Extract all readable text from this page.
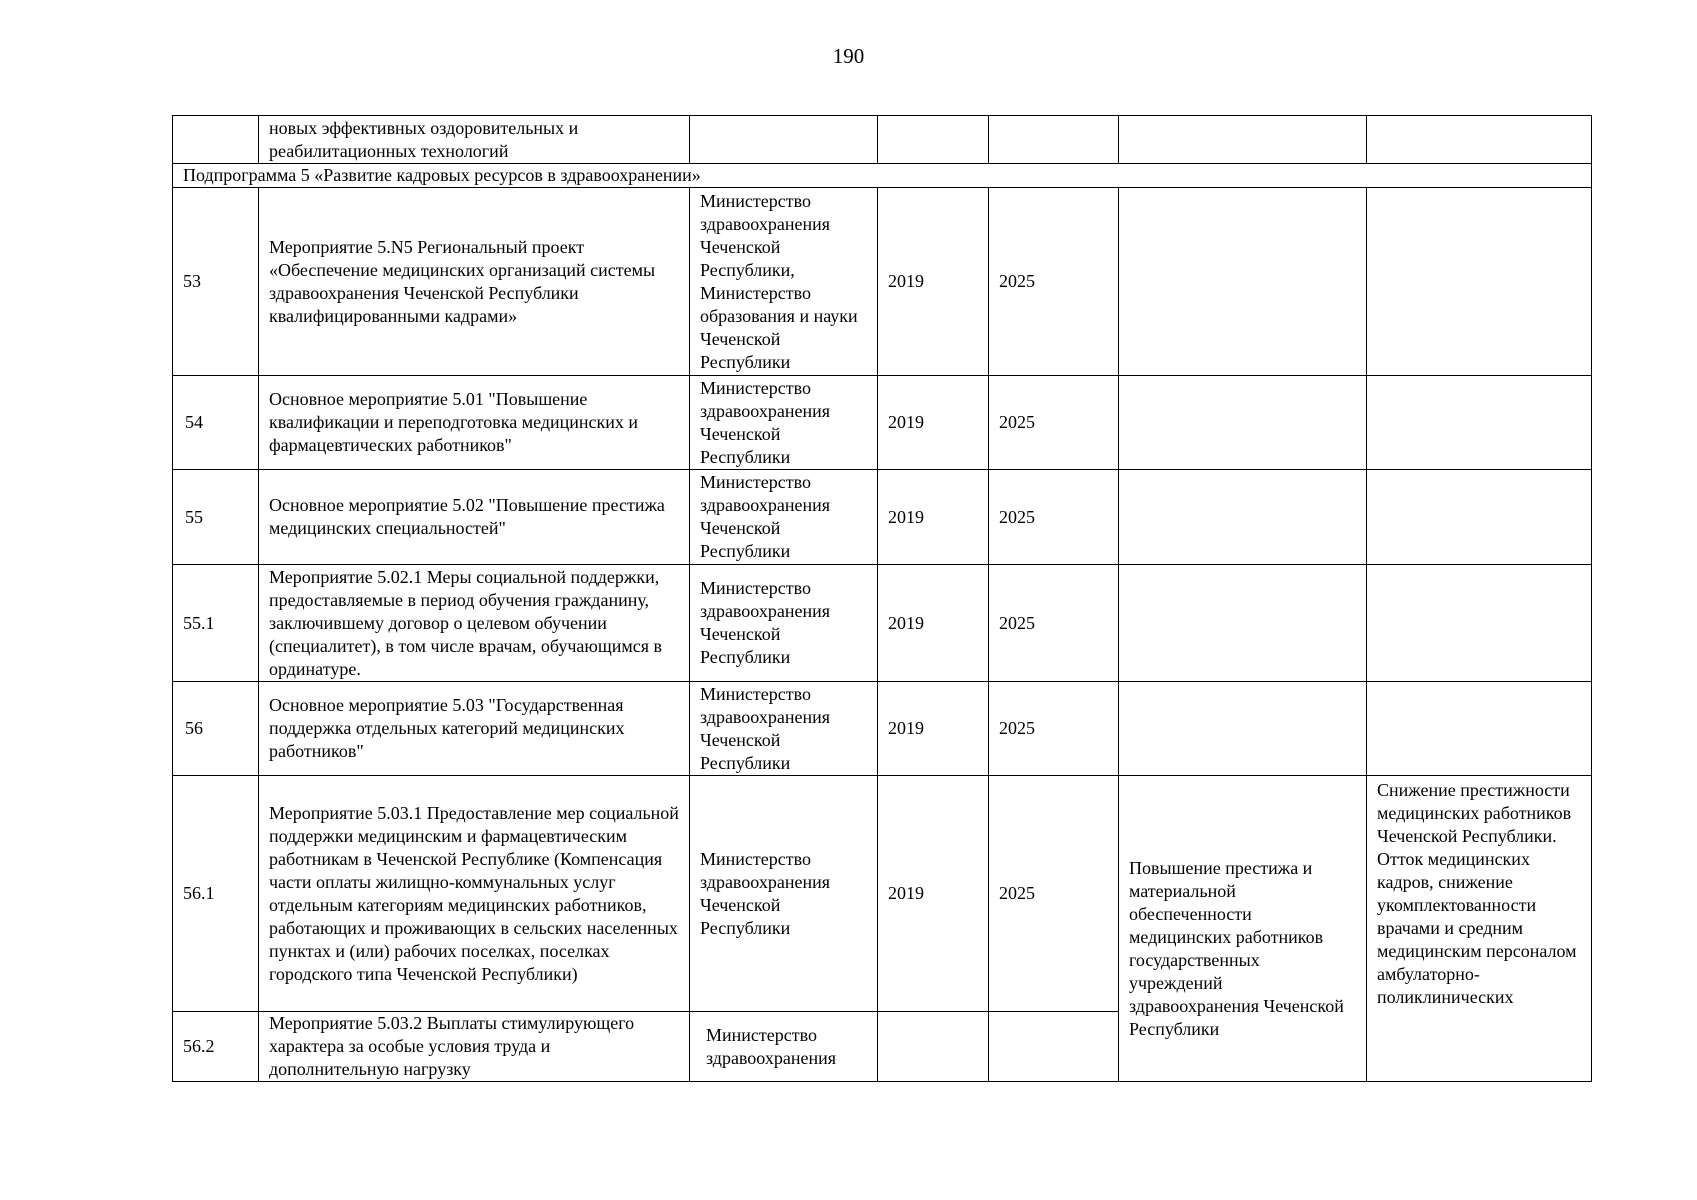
190
	новых эффективных оздоровительных и реабилитационных технологий					
Подпрограмма 5 «Развитие кадровых ресурсов в здравоохранении»						
53	Мероприятие 5.N5 Региональный проект «Обеспечение медицинских организаций системы здравоохранения Чеченской Республики квалифицированными кадрами»	Министерство здравоохранения Чеченской Республики, Министерство образования и науки Чеченской Республики	2019	2025		
54	Основное мероприятие 5.01 "Повышение квалификации и переподготовка медицинских и фармацевтических работников"	Министерство здравоохранения Чеченской Республики	2019	2025		
55	Основное мероприятие 5.02 "Повышение престижа медицинских специальностей"	Министерство здравоохранения Чеченской Республики	2019	2025		
55.1	Мероприятие 5.02.1 Меры социальной поддержки, предоставляемые в период обучения гражданину, заключившему договор о целевом обучении (специалитет), в том числе врачам, обучающимся в ординатуре.	Министерство здравоохранения Чеченской Республики	2019	2025		
56	Основное мероприятие 5.03 "Государственная поддержка отдельных категорий медицинских работников"	Министерство здравоохранения Чеченской Республики	2019	2025		
56.1	Мероприятие 5.03.1 Предоставление мер социальной поддержки медицинским и фармацевтическим работникам в Чеченской Республике (Компенсация части оплаты жилищно-коммунальных услуг отдельным категориям медицинских работников, работающих и проживающих в сельских населенных пунктах и (или) рабочих поселках, поселках городского типа Чеченской Республики)	Министерство здравоохранения Чеченской Республики	2019	2025	Повышение престижа и материальной обеспеченности медицинских работников государственных учреждений здравоохранения Чеченской Республики	Снижение престижности медицинских работников Чеченской Республики. Отток медицинских кадров, снижение укомплектованности врачами и средним медицинским персоналом амбулаторно-поликлинических

56.2	Мероприятие 5.03.2 Выплаты стимулирующего характера за особые условия труда и дополнительную нагрузку	Министерство здравоохранения				
